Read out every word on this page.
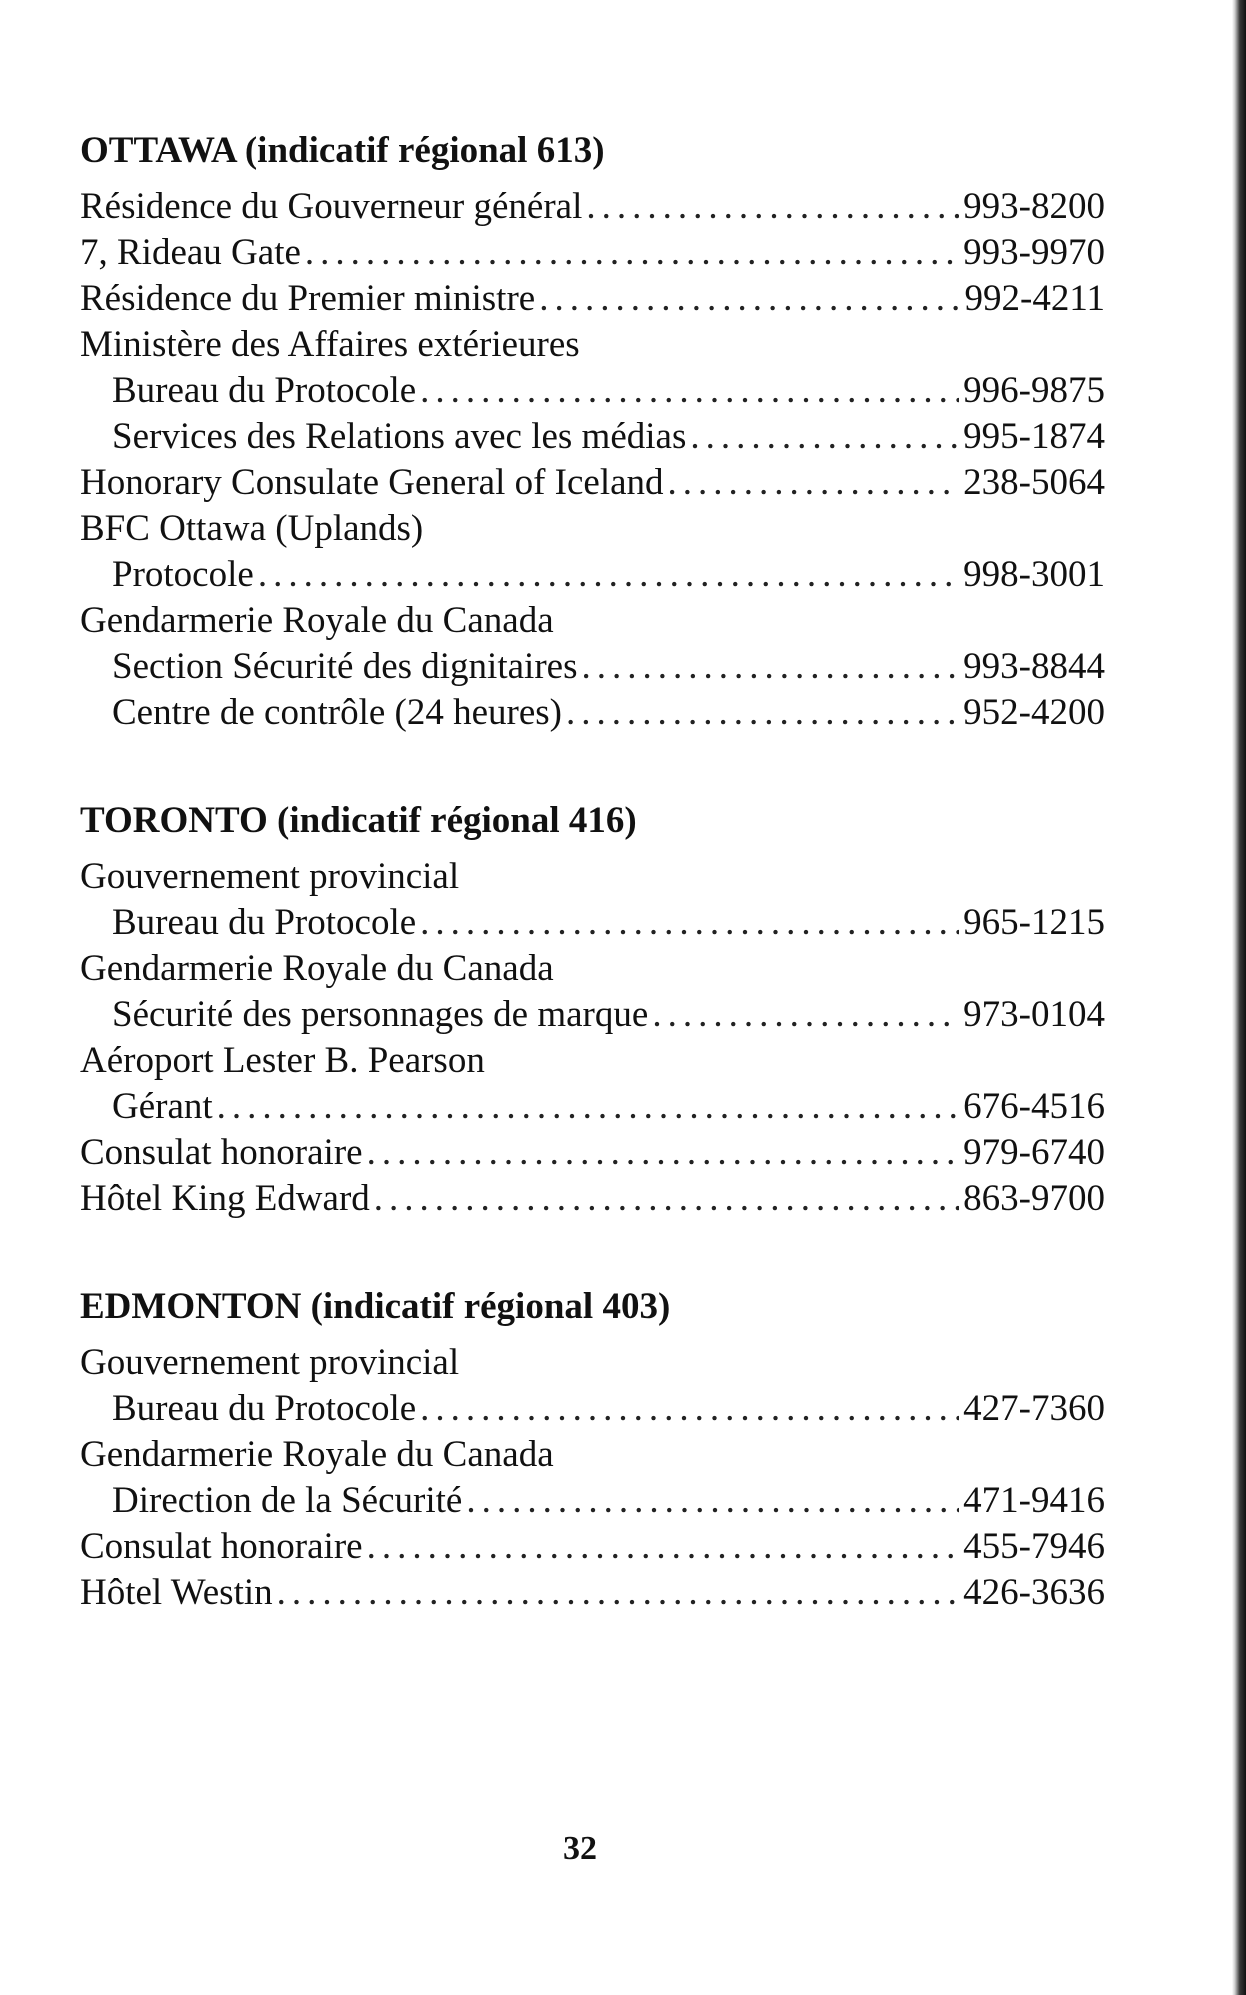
OTTAWA (indicatif régional 613)
Résidence du Gouverneur général .....	993-8200
7, Rideau Gate .....	993-9970
Résidence du Premier ministre .....	992-4211
Ministère des Affaires extérieures
Bureau du Protocole .....	996-9875
Services des Relations avec les médias .....	995-1874
Honorary Consulate General of Iceland .....	238-5064
BFC Ottawa (Uplands)
Protocole .....	998-3001
Gendarmerie Royale du Canada
Section Sécurité des dignitaires .....	993-8844
Centre de contrôle (24 heures) .....	952-4200
TORONTO (indicatif régional 416)
Gouvernement provincial
Bureau du Protocole .....	965-1215
Gendarmerie Royale du Canada
Sécurité des personnages de marque .....	973-0104
Aéroport Lester B. Pearson
Gérant .....	676-4516
Consulat honoraire .....	979-6740
Hôtel King Edward .....	863-9700
EDMONTON (indicatif régional 403)
Gouvernement provincial
Bureau du Protocole .....	427-7360
Gendarmerie Royale du Canada
Direction de la Sécurité .....	471-9416
Consulat honoraire .....	455-7946
Hôtel Westin .....	426-3636
32
